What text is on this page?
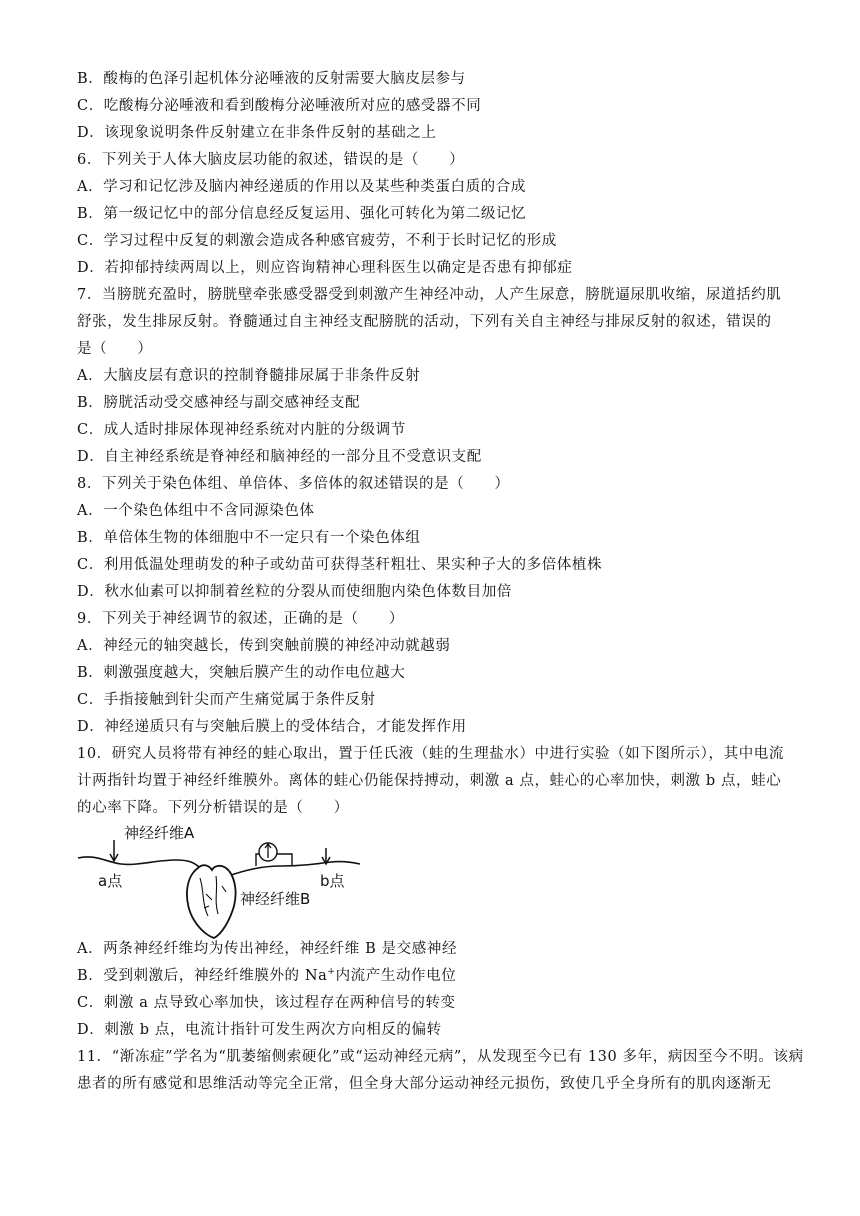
B．酸梅的色泽引起机体分泌唾液的反射需要大脑皮层参与
C．吃酸梅分泌唾液和看到酸梅分泌唾液所对应的感受器不同
D．该现象说明条件反射建立在非条件反射的基础之上
6．下列关于人体大脑皮层功能的叙述，错误的是（　　）
A．学习和记忆涉及脑内神经递质的作用以及某些种类蛋白质的合成
B．第一级记忆中的部分信息经反复运用、强化可转化为第二级记忆
C．学习过程中反复的刺激会造成各种感官疲劳，不利于长时记忆的形成
D．若抑郁持续两周以上，则应咨询精神心理科医生以确定是否患有抑郁症
7．当膀胱充盈时，膀胱壁牵张感受器受到刺激产生神经冲动，人产生尿意，膀胱逼尿肌收缩，尿道括约肌
舒张，发生排尿反射。脊髓通过自主神经支配膀胱的活动，下列有关自主神经与排尿反射的叙述，错误的
是（　　）
A．大脑皮层有意识的控制脊髓排尿属于非条件反射
B．膀胱活动受交感神经与副交感神经支配
C．成人适时排尿体现神经系统对内脏的分级调节
D．自主神经系统是脊神经和脑神经的一部分且不受意识支配
8．下列关于染色体组、单倍体、多倍体的叙述错误的是（　　）
A．一个染色体组中不含同源染色体
B．单倍体生物的体细胞中不一定只有一个染色体组
C．利用低温处理萌发的种子或幼苗可获得茎秆粗壮、果实种子大的多倍体植株
D．秋水仙素可以抑制着丝粒的分裂从而使细胞内染色体数目加倍
9．下列关于神经调节的叙述，正确的是（　　）
A．神经元的轴突越长，传到突触前膜的神经冲动就越弱
B．刺激强度越大，突触后膜产生的动作电位越大
C．手指接触到针尖而产生痛觉属于条件反射
D．神经递质只有与突触后膜上的受体结合，才能发挥作用
10．研究人员将带有神经的蛙心取出，置于任氏液（蛙的生理盐水）中进行实验（如下图所示），其中电流
计两指针均置于神经纤维膜外。离体的蛙心仍能保持搏动，刺激 a 点，蛙心的心率加快，刺激 b 点，蛙心
的心率下降。下列分析错误的是（　　）
神经纤维A
a点
神经纤维B
b点
A．两条神经纤维均为传出神经，神经纤维 B 是交感神经
B．受到刺激后，神经纤维膜外的 Na+内流产生动作电位
C．刺激 a 点导致心率加快，该过程存在两种信号的转变
D．刺激 b 点，电流计指针可发生两次方向相反的偏转
11．“渐冻症”学名为“肌萎缩侧索硬化”或“运动神经元病”，从发现至今已有 130 多年，病因至今不明。该病
患者的所有感觉和思维活动等完全正常，但全身大部分运动神经元损伤，致使几乎全身所有的肌肉逐渐无
